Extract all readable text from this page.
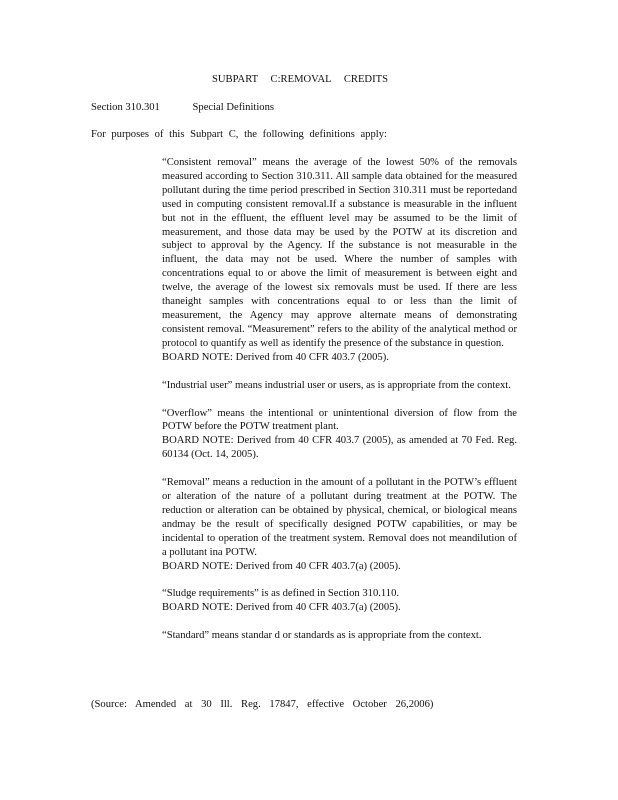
SUBPART C:REMOVAL CREDITS
Section 310.301	Special Definitions
For purposes of this Subpart C, the following definitions apply:

“Consistent removal” means the average of the lowest 50% of the removals measured according to Section 310.311. All sample data obtained for the measured pollutant during the time period prescribed in Section 310.311 must be reportedand used in computing consistent removal.If a substance is measurable in the influent but not in the effluent, the effluent level may be assumed to be the limit of measurement, and those data may be used by the POTW at its discretion and subject to approval by the Agency. If the substance is not measurable in the influent, the data may not be used. Where the number of samples with concentrations equal to or above the limit of measurement is between eight and twelve, the average of the lowest six removals must be used. If there are less thaneight samples with concentrations equal to or less than the limit of measurement, the Agency may approve alternate means of demonstrating consistent removal. “Measurement” refers to the ability of the analytical method or protocol to quantify as well as identify the presence of the substance in question.

BOARD NOTE: Derived from 40 CFR 403.7 (2005).

“Industrial user” means industrial user or users, as is appropriate from the context.

“Overflow” means the intentional or unintentional diversion of flow from the POTW before the POTW treatment plant.

BOARD NOTE: Derived from 40 CFR 403.7 (2005), as amended at 70 Fed. Reg. 60134 (Oct. 14, 2005).

“Removal” means a reduction in the amount of a pollutant in the POTW’s effluent or alteration of the nature of a pollutant during treatment at the POTW. The reduction or alteration can be obtained by physical, chemical, or biological means andmay be the result of specifically designed POTW capabilities, or may be incidental to operation of the treatment system. Removal does not meandilution of a pollutant ina POTW.

BOARD NOTE: Derived from 40 CFR 403.7(a) (2005).

“Sludge requirements” is as defined in Section 310.110.

BOARD NOTE: Derived from 40 CFR 403.7(a) (2005).

“Standard” means standar d or standards as is appropriate from the context.

(Source: Amended at 30 Ill. Reg. 17847, effective October 26,2006)
